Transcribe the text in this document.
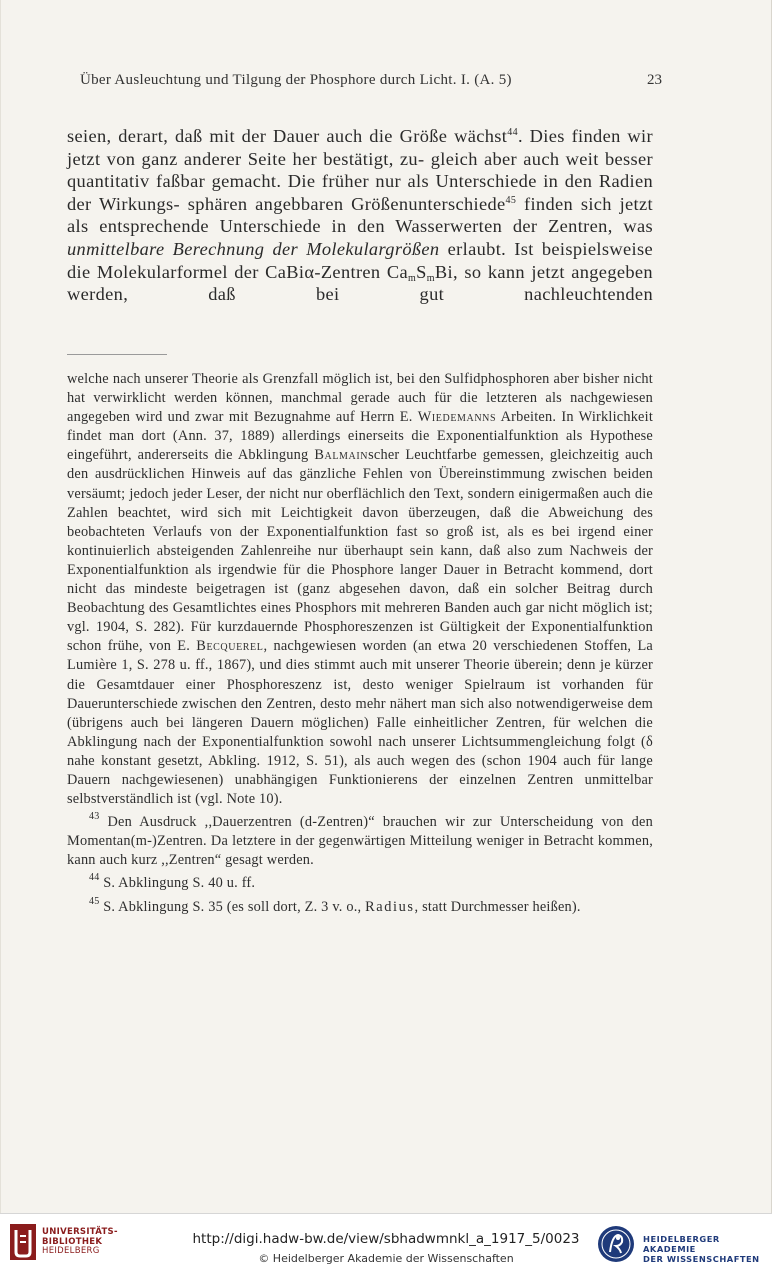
Über Ausleuchtung und Tilgung der Phosphore durch Licht. I. (A. 5)	23

seien, derart, daß mit der Dauer auch die Größe wächst$^{44}$. Dies finden wir jetzt von ganz anderer Seite her bestätigt, zu- gleich aber auch weit besser quantitativ faßbar gemacht. Die früher nur als Unterschiede in den Radien der Wirkungs- sphären angebbaren Größenunterschiede$^{45}$ finden sich jetzt als entsprechende Unterschiede in den Wasserwerten der Zentren, was unmittelbare Berechnung der Molekulargrößen erlaubt. Ist beispielsweise die Molekularformel der CaBiα-Zentren $Ca_mS_mBi$, so kann jetzt angegeben werden, daß bei gut nachleuchtenden

welche nach unserer Theorie als Grenzfall möglich ist, bei den Sulfidphosphoren aber bisher nicht hat verwirklicht werden können, manchmal gerade auch für die letzteren als nachgewiesen angegeben wird und zwar mit Bezugnahme auf Herrn E. Wiedemanns Arbeiten. In Wirklichkeit findet man dort (Ann. 37, 1889) allerdings einerseits die Exponentialfunktion als Hypothese eingeführt, andererseits die Abklingung Balmainscher Leuchtfarbe gemessen, gleichzeitig auch den ausdrücklichen Hinweis auf das gänzliche Fehlen von Übereinstimmung zwischen beiden versäumt; jedoch jeder Leser, der nicht nur oberflächlich den Text, sondern einigermaßen auch die Zahlen beachtet, wird sich mit Leichtigkeit davon überzeugen, daß die Abweichung des beobachteten Verlaufs von der Exponentialfunktion fast so groß ist, als es bei irgend einer kontinuierlich absteigenden Zahlenreihe nur überhaupt sein kann, daß also zum Nachweis der Exponentialfunktion als irgendwie für die Phosphore langer Dauer in Betracht kommend, dort nicht das mindeste beigetragen ist (ganz abgesehen davon, daß ein solcher Beitrag durch Beobachtung des Gesamtlichtes eines Phosphors mit mehreren Banden auch gar nicht möglich ist; vgl. 1904, S. 282). Für kurzdauernde Phosphoreszenzen ist Gültigkeit der Exponentialfunktion schon frühe, von E. Becquerel, nachgewiesen worden (an etwa 20 verschiedenen Stoffen, La Lumière 1, S. 278 u. ff., 1867), und dies stimmt auch mit unserer Theorie überein; denn je kürzer die Gesamtdauer einer Phosphoreszenz ist, desto weniger Spielraum ist vorhanden für Dauerunterschiede zwischen den Zentren, desto mehr nähert man sich also notwendigerweise dem (übrigens auch bei längeren Dauern möglichen) Falle einheitlicher Zentren, für welchen die Abklingung nach der Exponentialfunktion sowohl nach unserer Lichtsummengleichung folgt (δ nahe konstant gesetzt, Abkling. 1912, S. 51), als auch wegen des (schon 1904 auch für lange Dauern nachgewiesenen) unabhängigen Funktionierens der einzelnen Zentren unmittelbar selbstverständlich ist (vgl. Note 10).

$^{43}$ Den Ausdruck ,,Dauerzentren (d-Zentren)“ brauchen wir zur Unterscheidung von den Momentan(m-)Zentren. Da letztere in der gegenwärtigen Mitteilung weniger in Betracht kommen, kann auch kurz ,,Zentren“ gesagt werden.

$^{44}$ S. Abklingung S. 40 u. ff.

$^{45}$ S. Abklingung S. 35 (es soll dort, Z. 3 v. o., Radius, statt Durchmesser heißen).

UNIVERSITÄTS-
BIBLIOTHEK
HEIDELBERG
http://digi.hadw-bw.de/view/sbhadwmnkl_a_1917_5/0023
© Heidelberger Akademie der Wissenschaften
HEIDELBERGER AKADEMIE
DER WISSENSCHAFTEN
